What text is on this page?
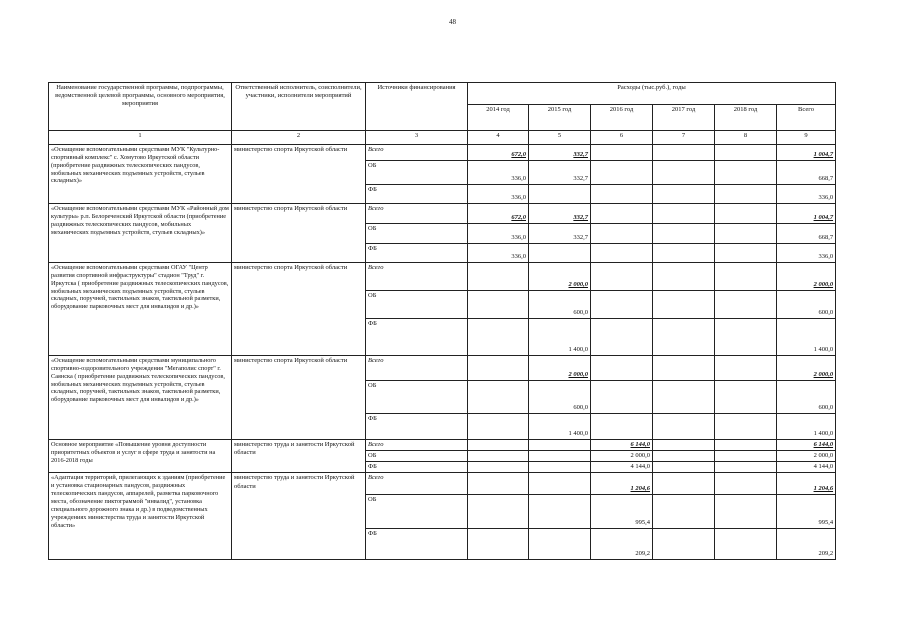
48
Наименование государственной программы, подпрограммы, ведомственной целевой программы, основного мероприятия, мероприятия	Ответственный исполнитель, соисполнители, участники, исполнители мероприятий	Источники финансирования	Расходы (тыс.руб.), годы					
			2014 год	2015 год	2016 год	2017 год	2018 год	Всего
1	2	3	4	5	6	7	8	9
«Оснащение вспомогательными средствами МУК "Культурно-спортивный комплекс" с. Хомутово Иркутской области (приобретение раздвижных телескопических пандусов, мобильных механических подъемных устройств, стульев складных)»	министерство спорта Иркутской области	Всего	672,0	332,7				1 004,7
		ОБ	336,0	332,7				668,7
		ФБ	336,0					336,0
«Оснащение вспомогательными средствами МУК «Районный дом культуры» р.п. Белореченский Иркутской области (приобретение раздвижных телескопических пандусов, мобильных механических подъемных устройств, стульев складных)»	министерство спорта Иркутской области	Всего	672,0	332,7				1 004,7
		ОБ	336,0	332,7				668,7
		ФБ	336,0					336,0
«Оснащение вспомогательными средствами ОГАУ "Центр развития спортивной инфраструктуры" стадион "Труд" г. Иркутска ( приобретение раздвижных телескопических пандусов, мобильных механических подъемных устройств, стульев складных, поручней, тактильных знаков, тактильной разметки, оборудование парковочных мест для инвалидов и др.)»	министерство спорта Иркутской области	Всего		2 000,0				2 000,0
		ОБ		600,0				600,0
		ФБ		1 400,0				1 400,0
«Оснащение вспомогательными средствами муниципального спортивно-оздоровительного учреждения "Мегаполис спорт" г. Саянска ( приобретение раздвижных телескопических пандусов, мобильных механических подъемных устройств, стульев складных, поручней, тактильных знаков, тактильной разметки, оборудование парковочных мест для инвалидов и др.)»	министерство спорта Иркутской области	Всего		2 000,0				2 000,0
		ОБ		600,0				600,0
		ФБ		1 400,0				1 400,0
Основное мероприятие «Повышение уровня доступности приоритетных объектов и услуг в сфере труда и занятости на 2016-2018 годы	министерство труда и занятости Иркутской области	Всего			6 144,0			6 144,0
		ОБ			2 000,0			2 000,0
		ФБ			4 144,0			4 144,0
«Адаптация территорий, прилегающих к зданиям (приобретение и установка стационарных пандусов, раздвижных телескопических пандусов, аппарелей, разметка парковочного места, обозначение пиктограммой "инвалид", установка специального дорожного знака и др.) в подведомственных учреждениях министерства труда и занятости Иркутской области»	министерство труда и занятости Иркутской области	Всего			1 204,6			1 204,6
		ОБ			995,4			995,4
		ФБ			209,2			209,2
